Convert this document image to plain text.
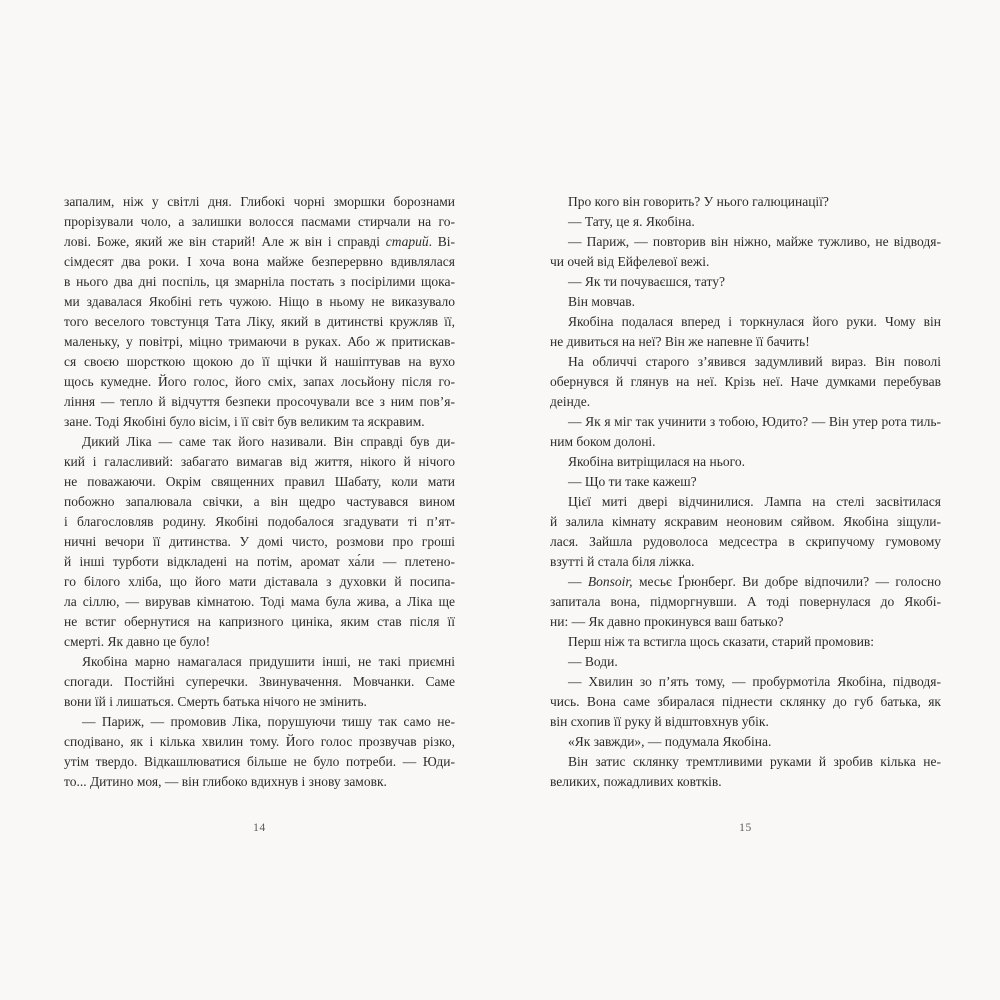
запалим, ніж у світлі дня. Глибокі чорні зморшки борознами
прорізували чоло, а залишки волосся пасмами стирчали на го-
лові. Боже, який же він старий! Але ж він і справді старий. Ві-
сімдесят два роки. І хоча вона майже безперервно вдивлялася
в нього два дні поспіль, ця змарніла постать з посірілими щока-
ми здавалася Якобіні геть чужою. Ніщо в ньому не виказувало
того веселого товстунця Тата Ліку, який в дитинстві кружляв її,
маленьку, у повітрі, міцно тримаючи в руках. Або ж притискав-
ся своєю шорсткою щокою до її щічки й нашіптував на вухо
щось кумедне. Його голос, його сміх, запах лосьйону після го-
ління — тепло й відчуття безпеки просочували все з ним пов’я-
зане. Тоді Якобіні було вісім, і її світ був великим та яскравим.
Дикий Ліка — саме так його називали. Він справді був ди-
кий і галасливий: забагато вимагав від життя, нікого й нічого
не поважаючи. Окрім священних правил Шабату, коли мати
побожно запалювала свічки, а він щедро частувався вином
і благословляв родину. Якобіні подобалося згадувати ті п’ят-
ничні вечори її дитинства. У домі чисто, розмови про гроші
й інші турботи відкладені на потім, аромат ха́ли — плетено-
го білого хліба, що його мати діставала з духовки й посипа-
ла сіллю, — вирував кімнатою. Тоді мама була жива, а Ліка ще
не встиг обернутися на капризного циніка, яким став після її
смерті. Як давно це було!
Якобіна марно намагалася придушити інші, не такі приємні
спогади. Постійні суперечки. Звинувачення. Мовчанки. Саме
вони їй і лишаться. Смерть батька нічого не змінить.
— Париж, — промовив Ліка, порушуючи тишу так само не-
сподівано, як і кілька хвилин тому. Його голос прозвучав різко,
утім твердо. Відкашлюватися більше не було потреби. — Юди-
то... Дитино моя, — він глибоко вдихнув і знову замовк.
14
Про кого він говорить? У нього галюцинації?
— Тату, це я. Якобіна.
— Париж, — повторив він ніжно, майже тужливо, не відводя-
чи очей від Ейфелевої вежі.
— Як ти почуваєшся, тату?
Він мовчав.
Якобіна подалася вперед і торкнулася його руки. Чому він
не дивиться на неї? Він же напевне її бачить!
На обличчі старого з’явився задумливий вираз. Він поволі
обернувся й глянув на неї. Крізь неї. Наче думками перебував
деінде.
— Як я міг так учинити з тобою, Юдито? — Він утер рота тиль-
ним боком долоні.
Якобіна витріщилася на нього.
— Що ти таке кажеш?
Цієї миті двері відчинилися. Лампа на стелі засвітилася
й залила кімнату яскравим неоновим сяйвом. Якобіна зіщули-
лася. Зайшла рудоволоса медсестра в скрипучому гумовому
взутті й стала біля ліжка.
— Bonsoir, месьє Ґрюнберґ. Ви добре відпочили? — голосно
запитала вона, підморгнувши. А тоді повернулася до Якобі-
ни: — Як давно прокинувся ваш батько?
Перш ніж та встигла щось сказати, старий промовив:
— Води.
— Хвилин зо п’ять тому, — пробурмотіла Якобіна, підводя-
чись. Вона саме збиралася піднести склянку до губ батька, як
він схопив її руку й відштовхнув убік.
«Як завжди», — подумала Якобіна.
Він затис склянку тремтливими руками й зробив кілька не-
великих, пожадливих ковтків.
15
